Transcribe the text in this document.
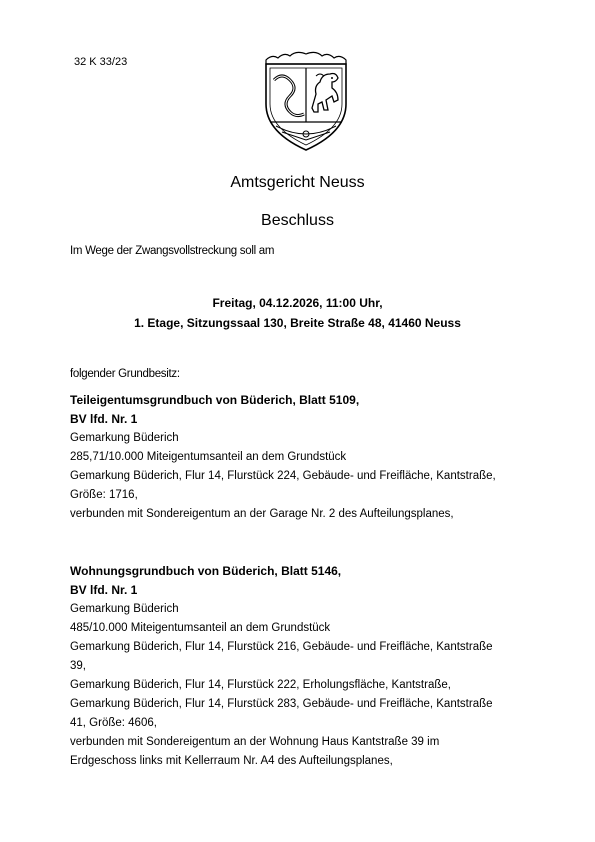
32 K 33/23
Amtsgericht Neuss
Beschluss
Im Wege der Zwangsvollstreckung soll am
Freitag, 04.12.2026, 11:00 Uhr,
1. Etage, Sitzungssaal 130, Breite Straße 48, 41460 Neuss
folgender Grundbesitz:
Teileigentumsgrundbuch von Büderich, Blatt 5109,
BV lfd. Nr. 1
Gemarkung Büderich
285,71/10.000 Miteigentumsanteil an dem Grundstück
Gemarkung Büderich, Flur 14, Flurstück 224, Gebäude- und Freifläche, Kantstraße,
Größe: 1716,
verbunden mit Sondereigentum an der Garage Nr. 2 des Aufteilungsplanes,
Wohnungsgrundbuch von Büderich, Blatt 5146,
BV lfd. Nr. 1
Gemarkung Büderich
485/10.000 Miteigentumsanteil an dem Grundstück
Gemarkung Büderich, Flur 14, Flurstück 216, Gebäude- und Freifläche, Kantstraße
39,
Gemarkung Büderich, Flur 14, Flurstück 222, Erholungsfläche, Kantstraße,
Gemarkung Büderich, Flur 14, Flurstück 283, Gebäude- und Freifläche, Kantstraße
41, Größe: 4606,
verbunden mit Sondereigentum an der Wohnung Haus Kantstraße 39 im
Erdgeschoss links mit Kellerraum Nr. A4 des Aufteilungsplanes,
